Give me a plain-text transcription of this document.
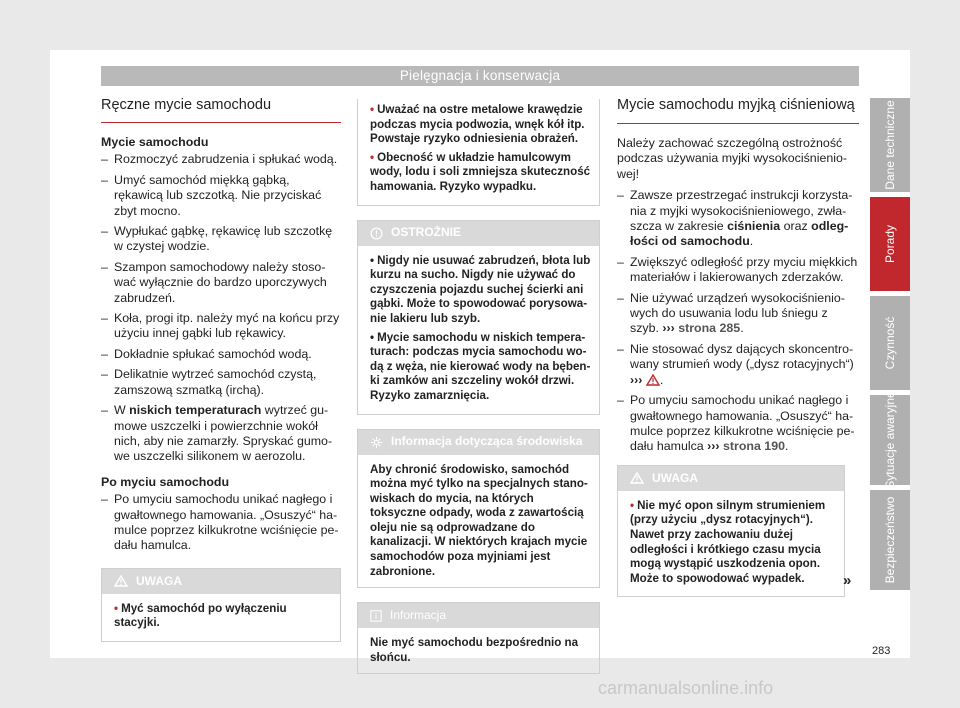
Pielęgnacja i konserwacja
Ręczne mycie samochodu
Mycie samochodu
– Rozmoczyć zabrudzenia i spłukać wodą.
– Umyć samochód miękką gąbką, rękawicą lub szczotką. Nie przyciskać zbyt mocno.
– Wypłukać gąbkę, rękawicę lub szczotkę w czystej wodzie.
– Szampon samochodowy należy stosować wyłącznie do bardzo uporczywych zabrudzeń.
– Koła, progi itp. należy myć na końcu przy użyciu innej gąbki lub rękawicy.
– Dokładnie spłukać samochód wodą.
– Delikatnie wytrzeć samochód czystą, zamszową szmatką (irchą).
– W niskich temperaturach wytrzeć gumowe uszczelki i powierzchnie wokół nich, aby nie zamarzły. Spryskać gumowe uszczelki silikonem w aerozolu.
Po myciu samochodu
– Po umyciu samochodu unikać nagłego i gwałtownego hamowania. „Osuszyć“ hamulce poprzez kilkukrotne wciśnięcie pedału hamulca.
UWAGA
• Myć samochód po wyłączeniu stacyjki.
• Uważać na ostre metalowe krawędzie podczas mycia podwozia, wnęk kół itp. Powstaje ryzyko odniesienia obrażeń.
• Obecność w układzie hamulcowym wody, lodu i soli zmniejsza skuteczność hamowania. Ryzyko wypadku.
OSTROŻNIE
• Nigdy nie usuwać zabrudzeń, błota lub kurzu na sucho. Nigdy nie używać do czyszczenia pojazdu suchej ścierki ani gąbki. Może to spowodować porysowanie lakieru lub szyb.
• Mycie samochodu w niskich temperaturach: podczas mycia samochodu wodą z węża, nie kierować wody na bębenki zamków ani szczeliny wokół drzwi. Ryzyko zamarznięcia.
Informacja dotycząca środowiska
Aby chronić środowisko, samochód można myć tylko na specjalnych stanowiskach do mycia, na których toksyczne odpady, woda z zawartością oleju nie są odprowadzane do kanalizacji. W niektórych krajach mycie samochodów poza myjniami jest zabronione.
Informacja
Nie myć samochodu bezpośrednio na słońcu.
Mycie samochodu myjką ciśnieniową

Należy zachować szczególną ostrożność podczas używania myjki wysokociśnieniowej!

– Zawsze przestrzegać instrukcji korzystania z myjki wysokociśnieniowego, zwłaszcza w zakresie ciśnienia oraz odległości od samochodu.
– Zwiększyć odległość przy myciu miękkich materiałów i lakierowanych zderzaków.
– Nie używać urządzeń wysokociśnieniowych do usuwania lodu lub śniegu z szyb. ››› strona 285.
– Nie stosować dysz dających skoncentrowany strumień wody („dysz rotacyjnych“) ››› .
– Po umyciu samochodu unikać nagłego i gwałtownego hamowania. „Osuszyć“ hamulce poprzez kilkukrotne wciśnięcie pedału hamulca ››› strona 190.
UWAGA
• Nie myć opon silnym strumieniem (przy użyciu „dysz rotacyjnych“). Nawet przy zachowaniu dużej odległości i krótkiego czasu mycia mogą wystąpić uszkodzenia opon. Może to spowodować wypadek.	»
Dane techniczne
Porady
Czynność
Sytuacje awaryjne
Bezpieczeństwo
283
carmanualsonline.info
